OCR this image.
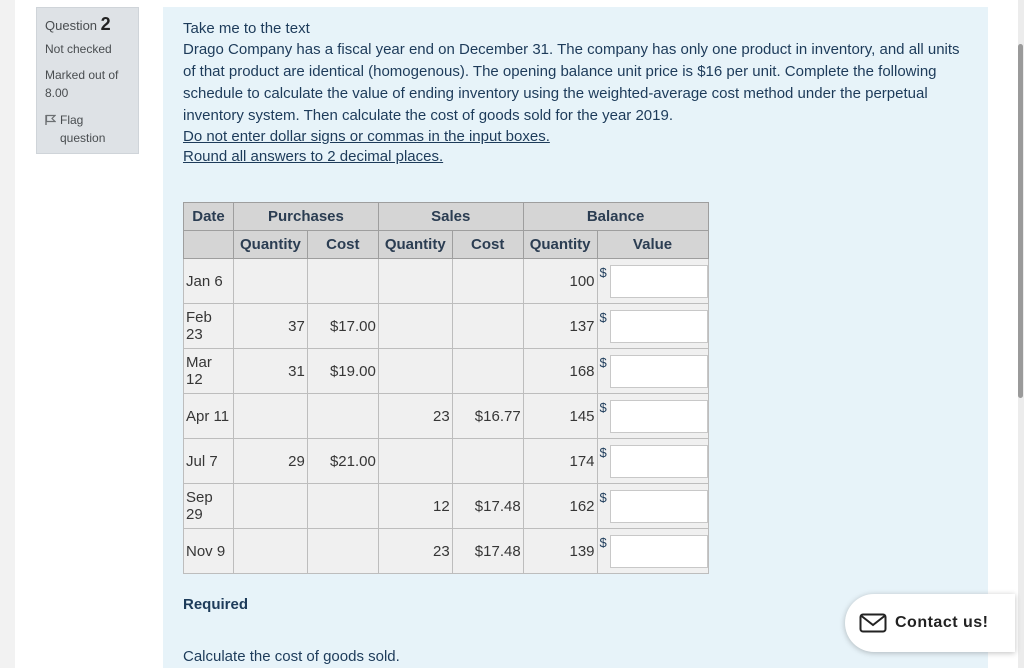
Question 2
Not checked
Marked out of 8.00
Flag question

Take me to the text

Drago Company has a fiscal year end on December 31. The company has only one product in inventory, and all units of that product are identical (homogenous). The opening balance unit price is $16 per unit. Complete the following schedule to calculate the value of ending inventory using the weighted-average cost method under the perpetual inventory system. Then calculate the cost of goods sold for the year 2019.

Do not enter dollar signs or commas in the input boxes.

Round all answers to 2 decimal places.

Date	Purchases		Sales		Balance	
	Quantity	Cost	Quantity	Cost	Quantity	Value
Jan 6					100	$
Feb 23	37	$17.00			137	$
Mar 12	31	$19.00			168	$
Apr 11			23	$16.77	145	$
Jul 7	29	$21.00			174	$
Sep 29			12	$17.48	162	$
Nov 9			23	$17.48	139	$
Required
Calculate the cost of goods sold.
Contact us!
